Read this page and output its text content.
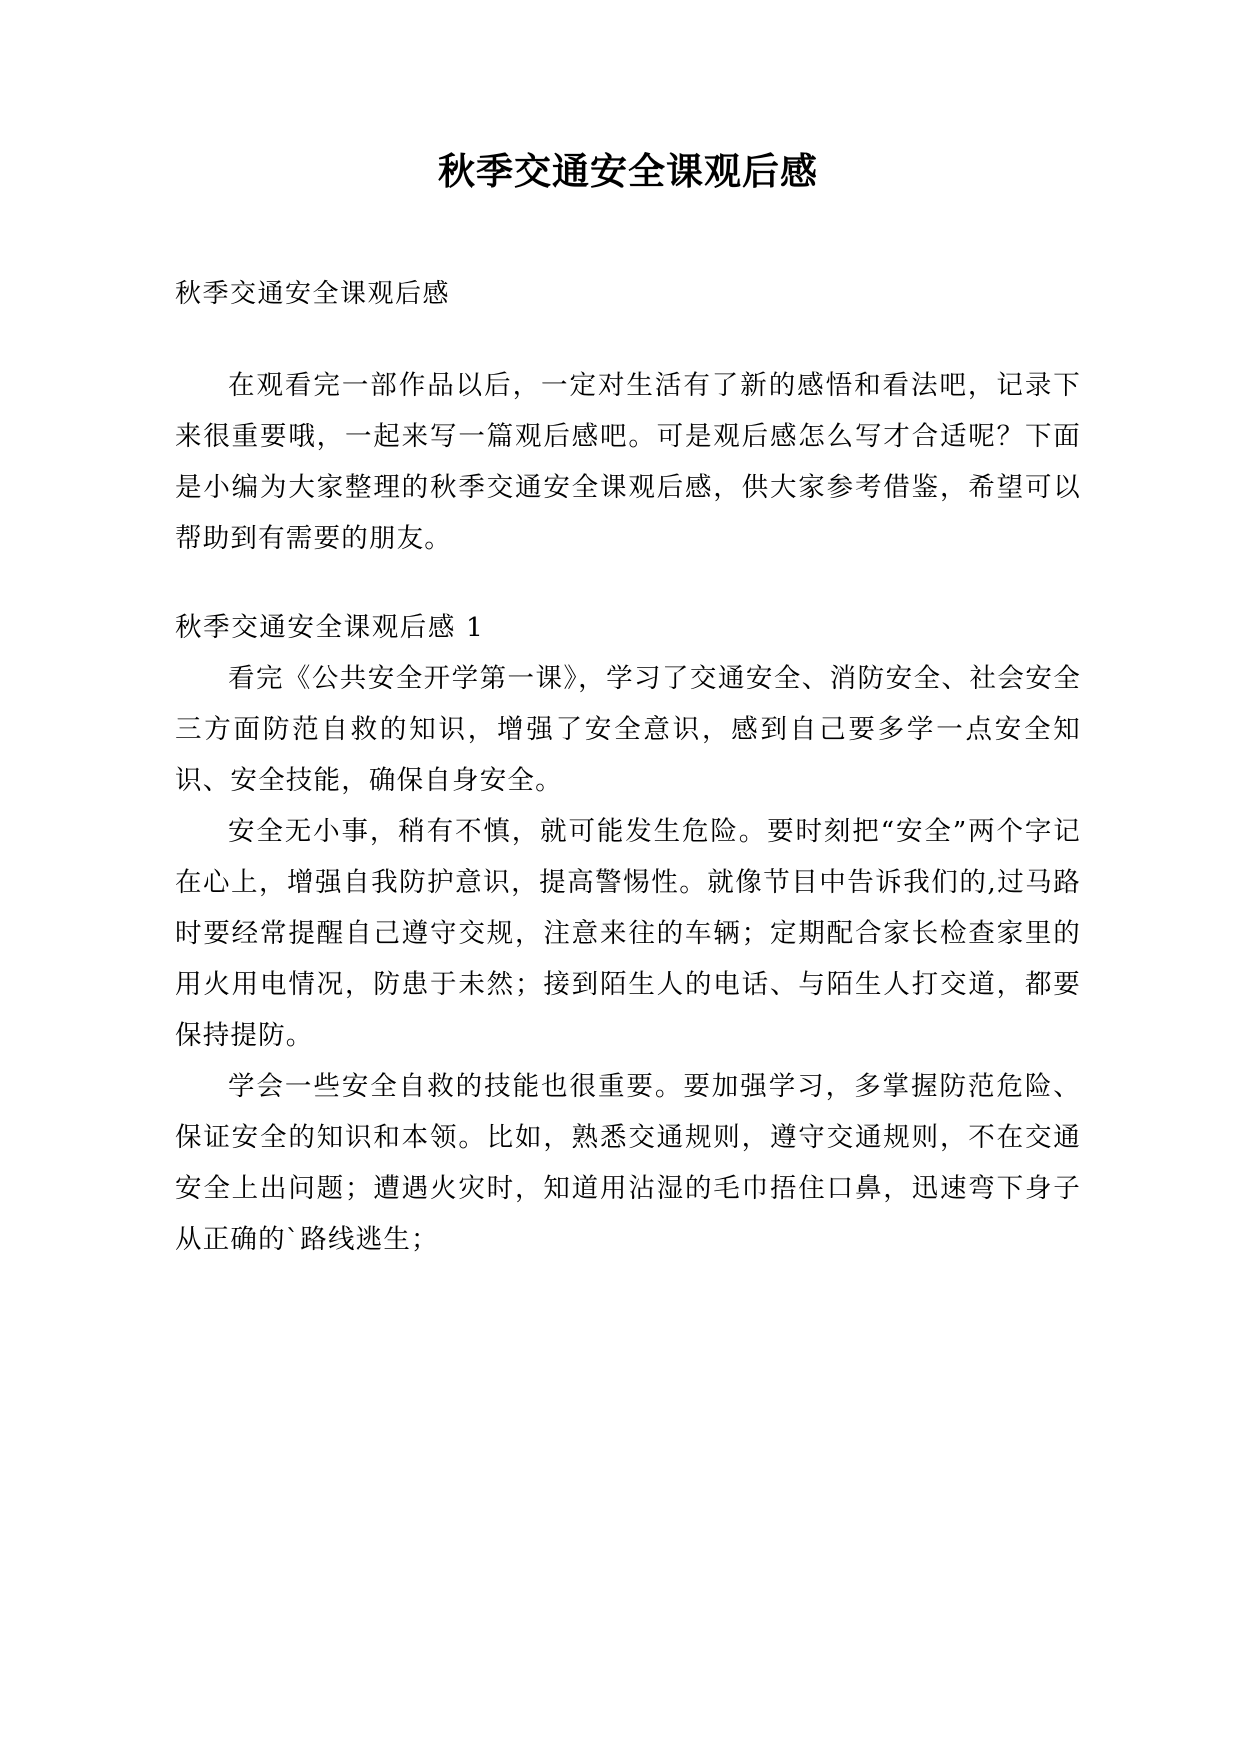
秋季交通安全课观后感

秋季交通安全课观后感

在观看完一部作品以后，一定对生活有了新的感悟和看法吧，记录下来很重要哦，一起来写一篇观后感吧。可是观后感怎么写才合适呢？下面是小编为大家整理的秋季交通安全课观后感，供大家参考借鉴，希望可以帮助到有需要的朋友。

秋季交通安全课观后感 1

看完《公共安全开学第一课》，学习了交通安全、消防安全、社会安全三方面防范自救的知识，增强了安全意识，感到自己要多学一点安全知识、安全技能，确保自身安全。

安全无小事，稍有不慎，就可能发生危险。要时刻把“安全”两个字记在心上，增强自我防护意识，提高警惕性。就像节目中告诉我们的,过马路时要经常提醒自己遵守交规，注意来往的车辆；定期配合家长检查家里的用火用电情况，防患于未然；接到陌生人的电话、与陌生人打交道，都要保持提防。

学会一些安全自救的技能也很重要。要加强学习，多掌握防范危险、保证安全的知识和本领。比如，熟悉交通规则，遵守交通规则，不在交通安全上出问题；遭遇火灾时，知道用沾湿的毛巾捂住口鼻，迅速弯下身子从正确的`路线逃生；
